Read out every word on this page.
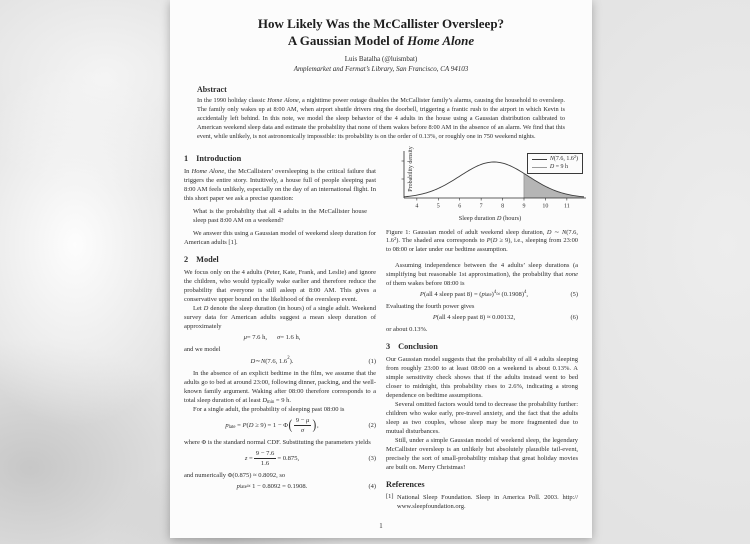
How Likely Was the McCallister Oversleep?
A Gaussian Model of Home Alone
Luis Batalha (@luismbat)
Amplemarket and Fermat’s Library, San Francisco, CA 94103
Abstract
In the 1990 holiday classic Home Alone, a nighttime power outage disables the McCallister family’s alarms, causing the household to oversleep. The family only wakes up at 8:00 AM, when airport shuttle drivers ring the doorbell, triggering a frantic rush to the airport in which Kevin is accidentally left behind. In this note, we model the sleep behavior of the 4 adults in the house using a Gaussian distribution calibrated to American weekend sleep data and estimate the probability that none of them wakes before 8:00 AM in the absence of an alarm. We find that this event, while unlikely, is not astronomically impossible: its probability is on the order of 0.13%, or roughly one in 750 weekend nights.
1 Introduction

In Home Alone, the McCallisters’ oversleeping is the critical failure that triggers the entire story. Intuitively, a house full of people sleeping past 8:00 AM feels unlikely, especially on the day of an international flight. In this short paper we ask a precise question:

What is the probability that all 4 adults in the McCallister house sleep past 8:00 AM on a weekend?

We answer this using a Gaussian model of weekend sleep duration for American adults [1].

2 Model

We focus only on the 4 adults (Peter, Kate, Frank, and Leslie) and ignore the children, who would typically wake earlier and therefore reduce the probability that everyone is still asleep at 8:00 AM. This gives a conservative upper bound on the likelihood of the oversleep event.

Let D denote the sleep duration (in hours) of a single adult. Weekend survey data for American adults suggest a mean sleep duration of approximately

μ = 7.6 h,
   σ = 1.6 h,

and we model

D ∼ N (7.6, 1.6 2 ).	(1)

In the absence of an explicit bedtime in the film, we assume that the adults go to bed at around 23:00, following dinner, packing, and the well-known family argument. Waking after 08:00 therefore corresponds to a total sleep duration of at least Dmin = 9 h.

For a single adult, the probability of sleeping past 08:00 is

plate = P(D ≥ 9) = 1 − Φ ( $\frac{9 - \mu}{\sigma}$ ) ,	(2)

where Φ is the standard normal CDF. Substituting the parameters yields

$z = \frac{9 - 7.6}{1.6} = 0.875$,	(3)

and numerically Φ(0.875) ≈ 0.8092, so

p late ≈ 1 − 0.8092 = 0.1908.	(4)
Probability density
4	5	6	7	8	9	10	11
N(7.6, $1.6^2$)
D = 9 h
Sleep duration D (hours)
Figure 1: Gaussian model of adult weekend sleep duration, D ∼ N(7.6, $1.6^2$). The shaded area corresponds to P(D ≥ 9), i.e., sleeping from 23:00 to 08:00 or later under our bedtime assumption.

Assuming independence between the 4 adults’ sleep durations (a simplifying but reasonable 1st approximation), the probability that none of them wakes before 08:00 is

P (all 4 sleep past 8) = ( p late ) 4 ≈ (0.1908) 4 ,	(5)

Evaluating the fourth power gives

P (all 4 sleep past 8) ≈ 0.00132,	(6)

or about 0.13%.

3 Conclusion

Our Gaussian model suggests that the probability of all 4 adults sleeping from roughly 23:00 to at least 08:00 on a weekend is about 0.13%. A simple sensitivity check shows that if the adults instead went to bed closer to midnight, this probability rises to 2.6%, indicating a strong dependence on bedtime assumptions.

Several omitted factors would tend to decrease the probability further: children who wake early, pre-travel anxiety, and the fact that the adults sleep as two couples, whose sleep may be more fragmented due to mutual disturbances.

Still, under a simple Gaussian model of weekend sleep, the legendary McCallister oversleep is an unlikely but absolutely plausible tail-event, precisely the sort of small-probability mishap that great holiday movies are built on. Merry Christmas!

References
[1] National Sleep Foundation. Sleep in America Poll. 2003. http:// www.sleepfoundation.org.
1
